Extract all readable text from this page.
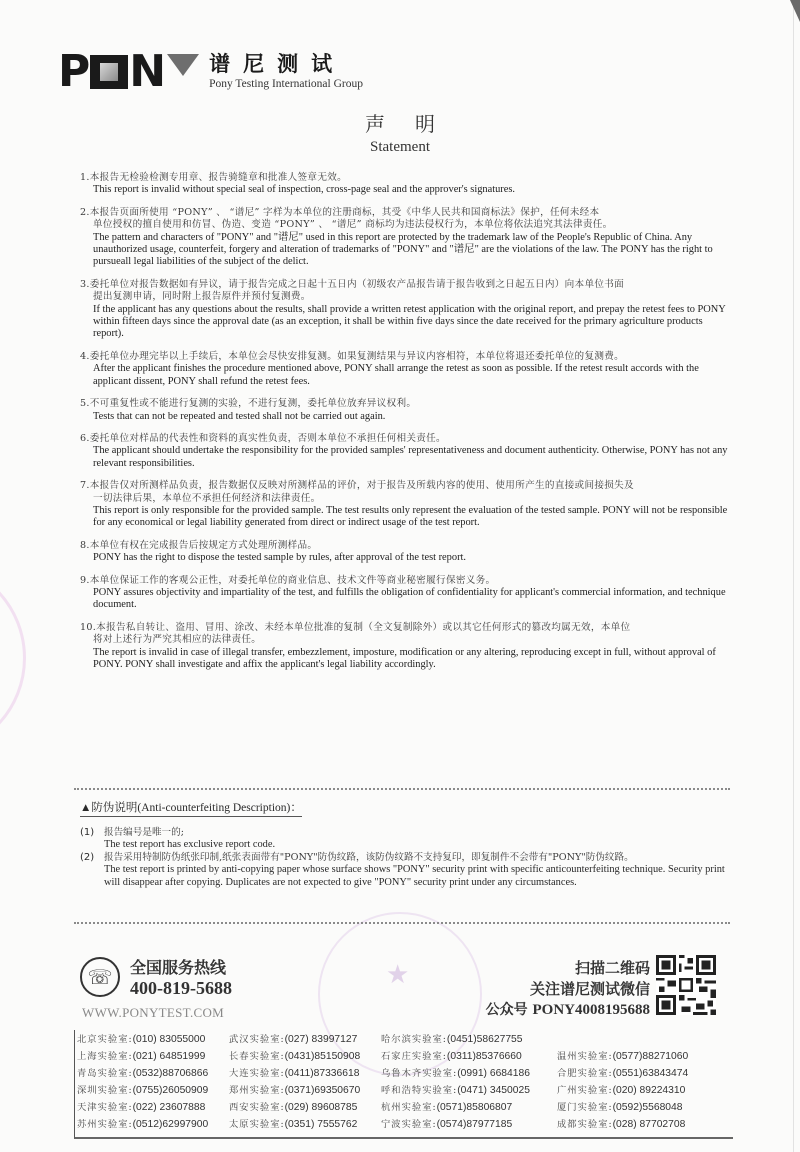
★
P N 谱尼测试
Pony Testing International Group
声明
Statement
1.本报告无检验检测专用章、报告骑缝章和批准人签章无效。
This report is invalid without special seal of inspection, cross-page seal and the approver's signatures.
2.本报告页面所使用 “PONY” 、 “谱尼” 字样为本单位的注册商标，其受《中华人民共和国商标法》保护，任何未经本
单位授权的擅自使用和仿冒、伪造、变造 “PONY” 、 “谱尼” 商标均为违法侵权行为，本单位将依法追究其法律责任。
The pattern and characters of "PONY" and "谱尼" used in this report are protected by the trademark law of the People's Republic of China. Any unauthorized usage, counterfeit, forgery and alteration of trademarks of "PONY" and "谱尼" are the violations of the law. The PONY has the right to pursueall legal liabilities of the subject of the delict.
3.委托单位对报告数据如有异议，请于报告完成之日起十五日内（初级农产品报告请于报告收到之日起五日内）向本单位书面
提出复测申请，同时附上报告原件并预付复测费。
If the applicant has any questions about the results, shall provide a written retest application with the original report, and prepay the retest fees to PONY within fifteen days since the approval date (as an exception, it shall be within five days since the date received for the primary agriculture products report).
4.委托单位办理完毕以上手续后，本单位会尽快安排复测。如果复测结果与异议内容相符，本单位将退还委托单位的复测费。
After the applicant finishes the procedure mentioned above, PONY shall arrange the retest as soon as possible. If the retest result accords with the applicant dissent, PONY shall refund the retest fees.
5.不可重复性或不能进行复测的实验，不进行复测，委托单位放弃异议权利。
Tests that can not be repeated and tested shall not be carried out again.
6.委托单位对样品的代表性和资料的真实性负责，否则本单位不承担任何相关责任。
The applicant should undertake the responsibility for the provided samples' representativeness and document authenticity. Otherwise, PONY has not any relevant responsibilities.
7.本报告仅对所测样品负责，报告数据仅反映对所测样品的评价，对于报告及所载内容的使用、使用所产生的直接或间接损失及
一切法律后果，本单位不承担任何经济和法律责任。
This report is only responsible for the provided sample. The test results only represent the evaluation of the tested sample. PONY will not be responsible for any economical or legal liability generated from direct or indirect usage of the test report.
8.本单位有权在完成报告后按规定方式处理所测样品。
PONY has the right to dispose the tested sample by rules, after approval of the test report.
9.本单位保证工作的客观公正性，对委托单位的商业信息、技术文件等商业秘密履行保密义务。
PONY assures objectivity and impartiality of the test, and fulfills the obligation of confidentiality for applicant's commercial information, and technique document.
10.本报告私自转让、盗用、冒用、涂改、未经本单位批准的复制（全文复制除外）或以其它任何形式的篡改均属无效，本单位
将对上述行为严究其相应的法律责任。
The report is invalid in case of illegal transfer, embezzlement, imposture, modification or any altering, reproducing except in full, without approval of PONY. PONY shall investigate and affix the applicant's legal liability accordingly.
▲防伪说明(Anti-counterfeiting Description)：
(1)	报告编号是唯一的;
The test report has exclusive report code.
(2)	报告采用特制防伪纸张印制,纸张表面带有"PONY"防伪纹路，该防伪纹路不支持复印，即复制件不会带有"PONY"防伪纹路。
The test report is printed by anti-copying paper whose surface shows "PONY" security print with specific anticounterfeiting technique. Security print will disappear after copying. Duplicates are not expected to give "PONY" security print under any circumstances.
☏	全国服务热线
400-819-5688
WWW.PONYTEST.COM
扫描二维码
关注谱尼测试微信
公众号 PONY4008195688
北京实验室:(010) 83055000	武汉实验室:(027) 83997127	哈尔滨实验室:(0451)58627755
上海实验室:(021) 64851999	长春实验室:(0431)85150908	石家庄实验室:(0311)85376660	温州实验室:(0577)88271060
青岛实验室:(0532)88706866	大连实验室:(0411)87336618	乌鲁木齐实验室:(0991) 6684186	合肥实验室:(0551)63843474
深圳实验室:(0755)26050909	郑州实验室:(0371)69350670	呼和浩特实验室:(0471) 3450025	广州实验室:(020) 89224310
天津实验室:(022) 23607888	西安实验室:(029) 89608785	杭州实验室:(0571)85806807	厦门实验室:(0592)5568048
苏州实验室:(0512)62997900	太原实验室:(0351) 7555762	宁波实验室:(0574)87977185	成都实验室:(028) 87702708
